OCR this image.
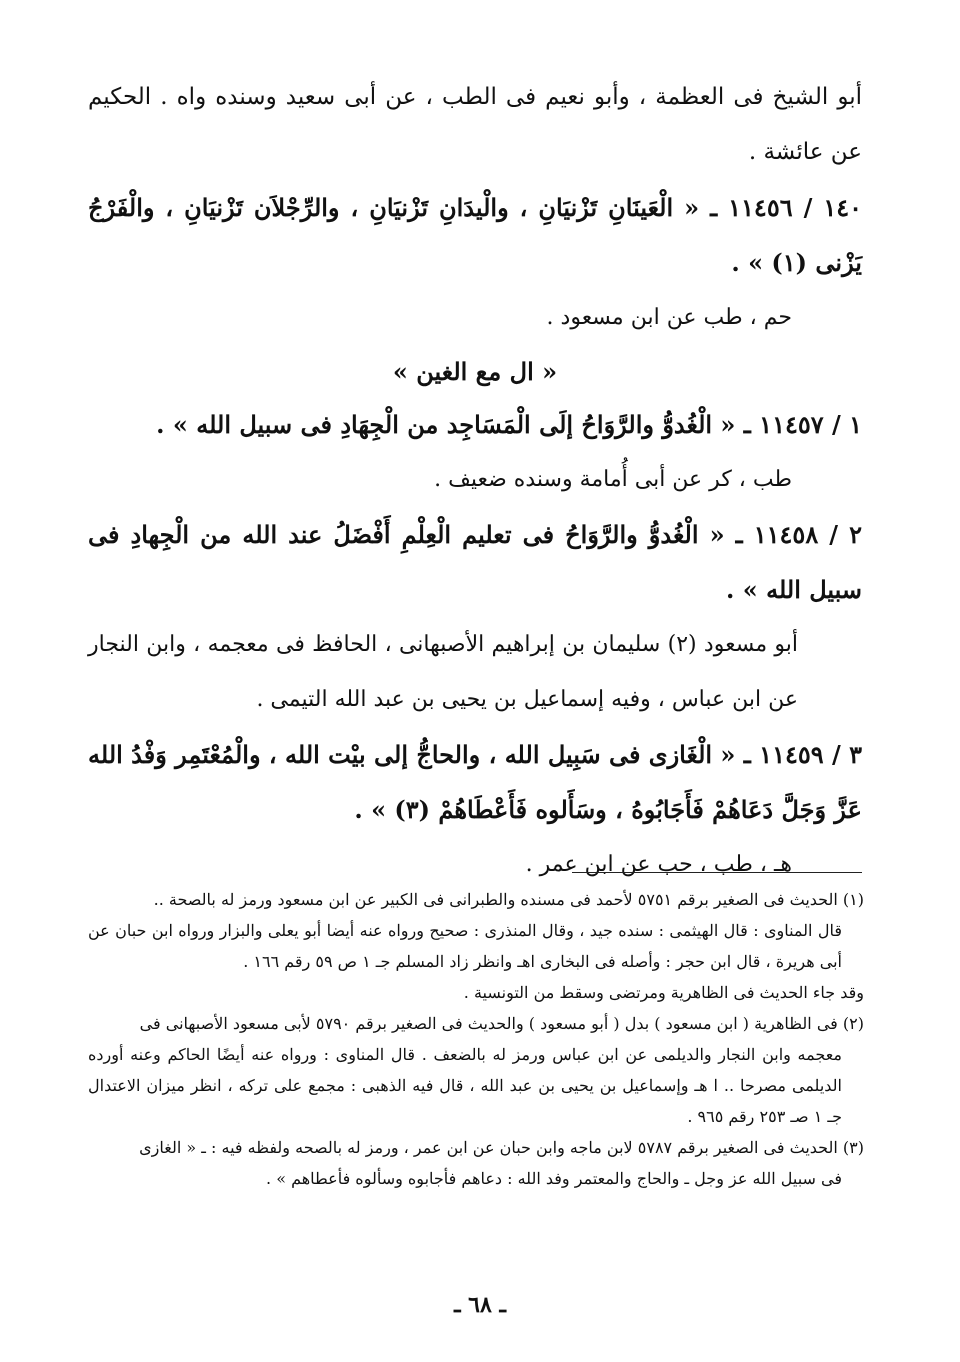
أبو الشيخ فى العظمة ، وأبو نعيم فى الطب ، عن أبى سعيد وسنده واه . الحكيم عن عائشة .

١٤٠ / ١١٤٥٦ ـ « الْعَينَانِ تَزْنيَانِ ، والْيدَانِ تَزْنيَانِ ، والرِّجْلاَن تَزْنيَانِ ، والْفَرْجُ يَزْنى (١) » .

حم ، طب عن ابن مسعود .

« ال مع الغين »

١ / ١١٤٥٧ ـ « الْغُدوُّ والرَّوَاحُ إلَى الْمَسَاجِد من الْجِهَادِ فى سبيل الله » .

طب ، كر عن أبى أُمامة وسنده ضعيف .

٢ / ١١٤٥٨ ـ « الْغُدوُّ والرَّوَاحُ فى تعليم الْعِلْمِ أَفْضَلُ عند الله من الْجِهادِ فى سبيل الله » .

أبو مسعود (٢) سليمان بن إبراهيم الأصبهانى ، الحافظ فى معجمه ، وابن النجار عن ابن عباس ، وفيه إسماعيل بن يحيى بن عبد الله التيمى .

٣ / ١١٤٥٩ ـ « الْغَازى فى سَبِيل الله ، والحاجُّ إلى بيْت الله ، والْمُعْتَمِر وَفْدُ الله عَزَّ وَجَلَّ دَعَاهُمْ فَأَجَابُوهُ ، وسَأَلوه فَأَعْطَاهُمْ (٣) » .

هـ ، طب ، حب عن ابن عمر .

(١) الحديث فى الصغير برقم ٥٧٥١ لأحمد فى مسنده والطبرانى فى الكبير عن ابن مسعود ورمز له بالصحة ..

قال المناوى : قال الهيثمى : سنده جيد ، وقال المنذرى : صحيح ورواه عنه أيضا أبو يعلى والبزار ورواه ابن حبان عن أبى هريرة ، قال ابن حجر : وأصله فى البخارى اهـ وانظر زاد المسلم جـ ١ ص ٥٩ رقم ١٦٦ .

وقد جاء الحديث فى الظاهرية ومرتضى وسقط من التونسية .

(٢) فى الظاهرية ( ابن مسعود ) بدل ( أبو مسعود ) والحديث فى الصغير برقم ٥٧٩٠ لأبى مسعود الأصبهانى فى

معجمه وابن النجار والديلمى عن ابن عباس ورمز له بالضعف . قال المناوى : ورواه عنه أيضًا الحاكم وعنه أورده الديلمى مصرحا .. ا هـ وإسماعيل بن يحيى بن عبد الله ، قال فيه الذهبى : مجمع على تركه ، انظر ميزان الاعتدال جـ ١ صـ ٢٥٣ رقم ٩٦٥ .

(٣) الحديث فى الصغير برقم ٥٧٨٧ لابن ماجه وابن حبان عن ابن عمر ، ورمز له بالصحه ولفظه فيه : ـ « الغازى

فى سبيل الله عز وجل ـ والحاج والمعتمر وفد الله : دعاهم فأجابوه وسألوه فأعطاهم » .

ـ ٦٨ ـ
